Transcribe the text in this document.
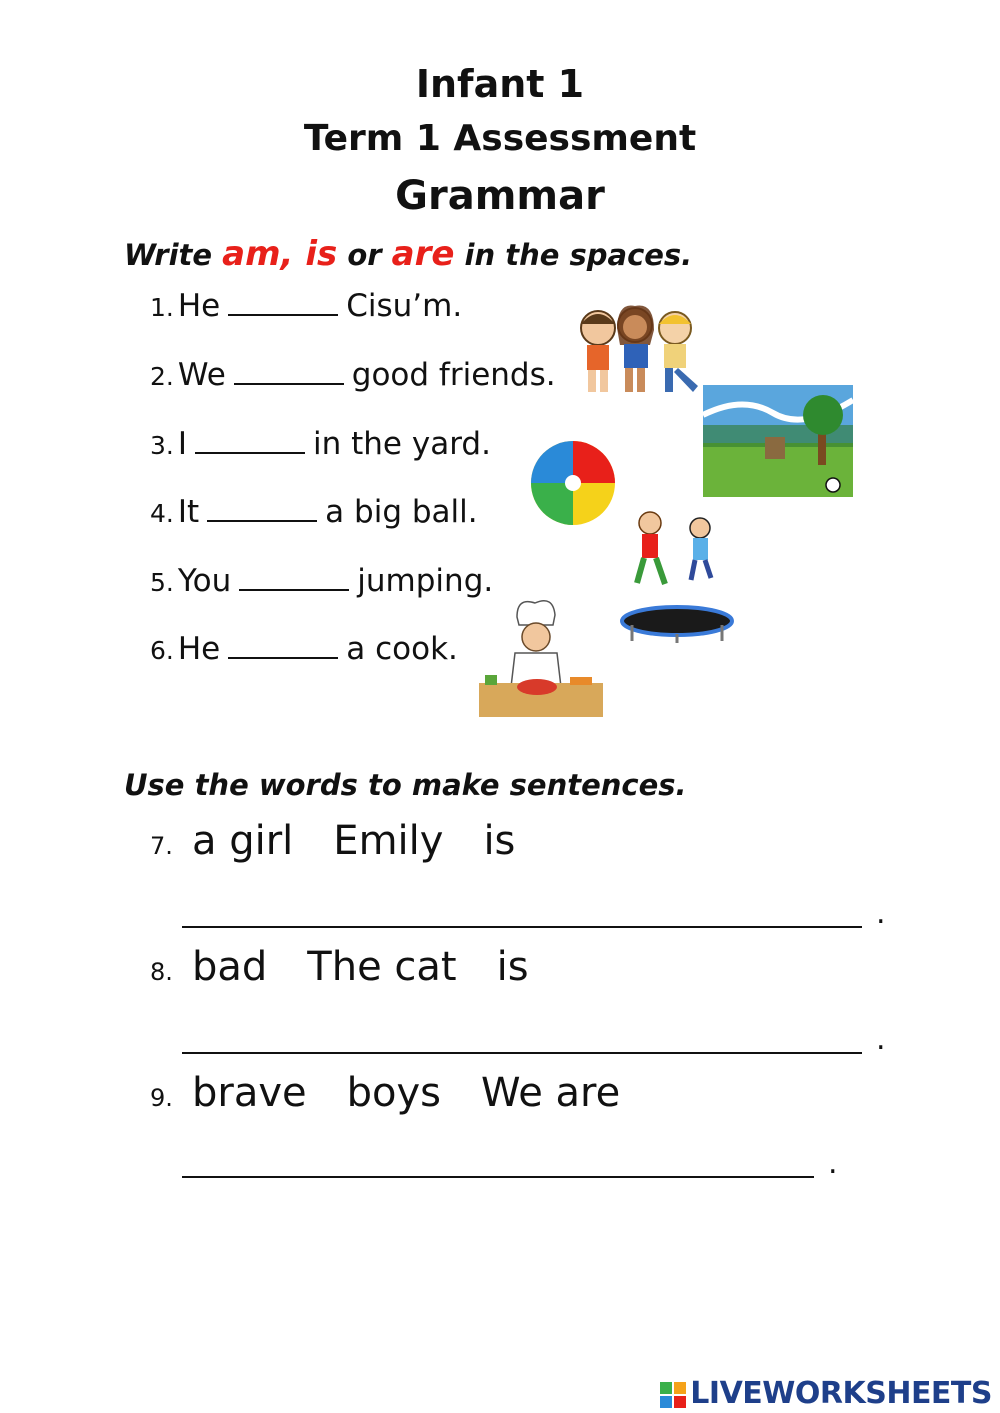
Infant 1
Term 1 Assessment
Grammar
Write am, is or are in the spaces.
1. He	Cisu’m.
2. We	good friends.
3. I	in the yard.
4. It	a big ball.
5. You	jumping.
6. He	a cook.
Use the words to make sentences.
7. a girl Emily is
.
8. bad The cat is
.
9. brave boys We are
.
LIVEWORKSHEETS
